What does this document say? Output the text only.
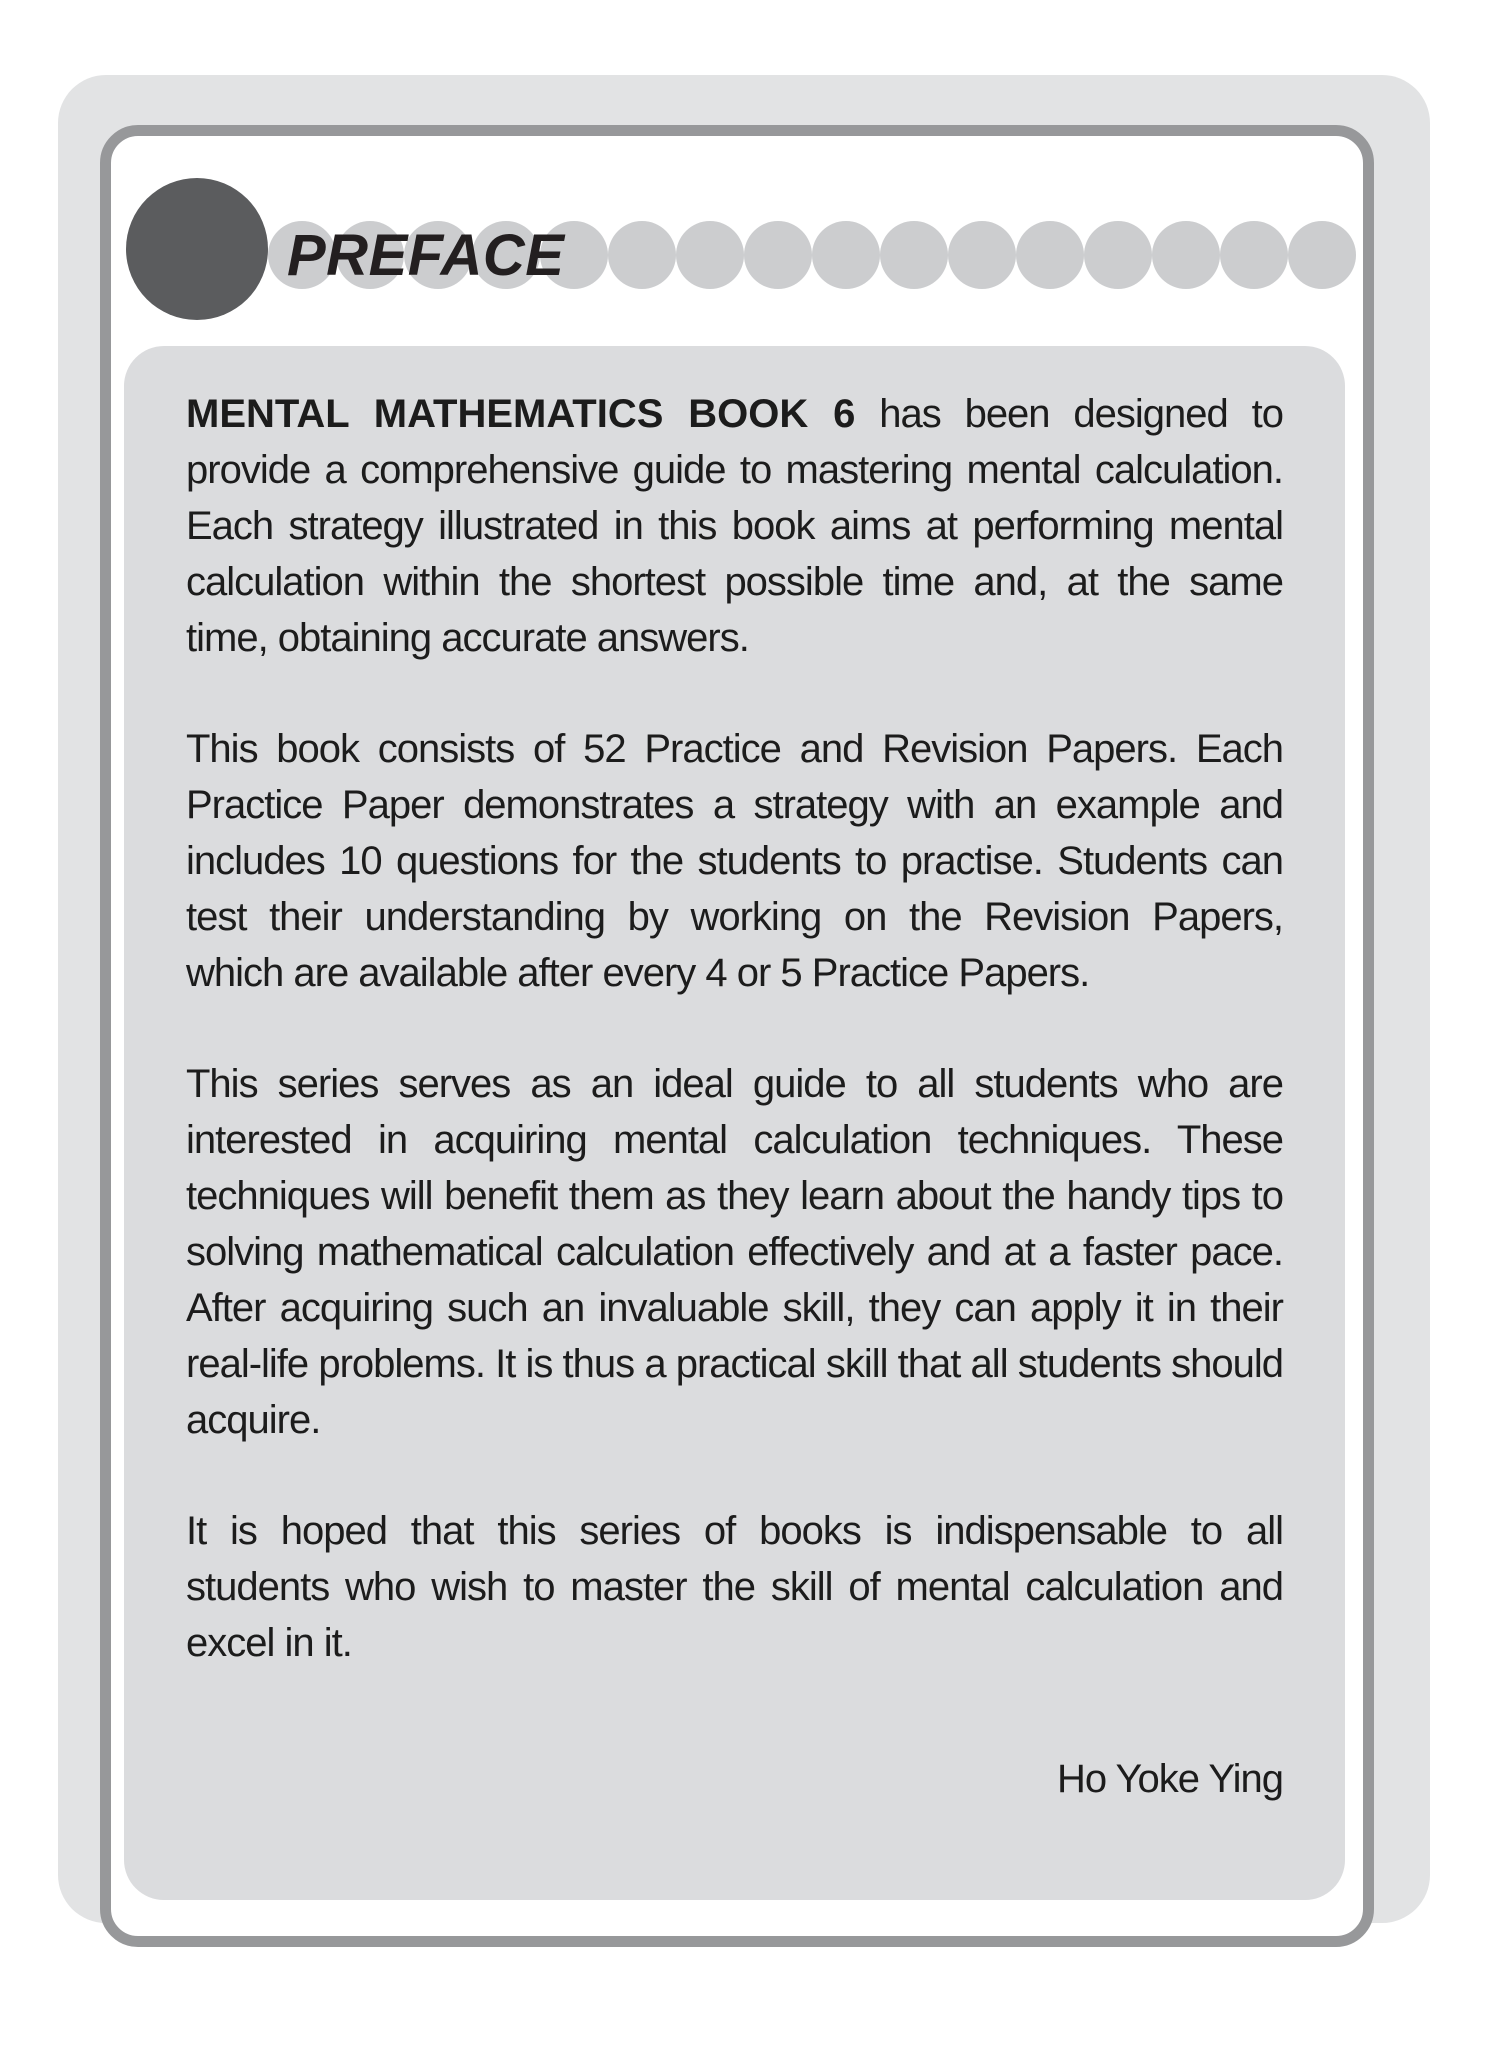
PREFACE

MENTAL MATHEMATICS BOOK 6 has been designed to provide a comprehensive guide to mastering mental calculation. Each strategy illustrated in this book aims at performing mental calculation within the shortest possible time and, at the same time, obtaining accurate answers.

This book consists of 52 Practice and Revision Papers. Each Practice Paper demonstrates a strategy with an example and includes 10 questions for the students to practise. Students can test their understanding by working on the Revision Papers, which are available after every 4 or 5 Practice Papers.

This series serves as an ideal guide to all students who are interested in acquiring mental calculation techniques. These techniques will benefit them as they learn about the handy tips to solving mathematical calculation effectively and at a faster pace. After acquiring such an invaluable skill, they can apply it in their real-life problems. It is thus a practical skill that all students should acquire.

It is hoped that this series of books is indispensable to all students who wish to master the skill of mental calculation and excel in it.

Ho Yoke Ying
